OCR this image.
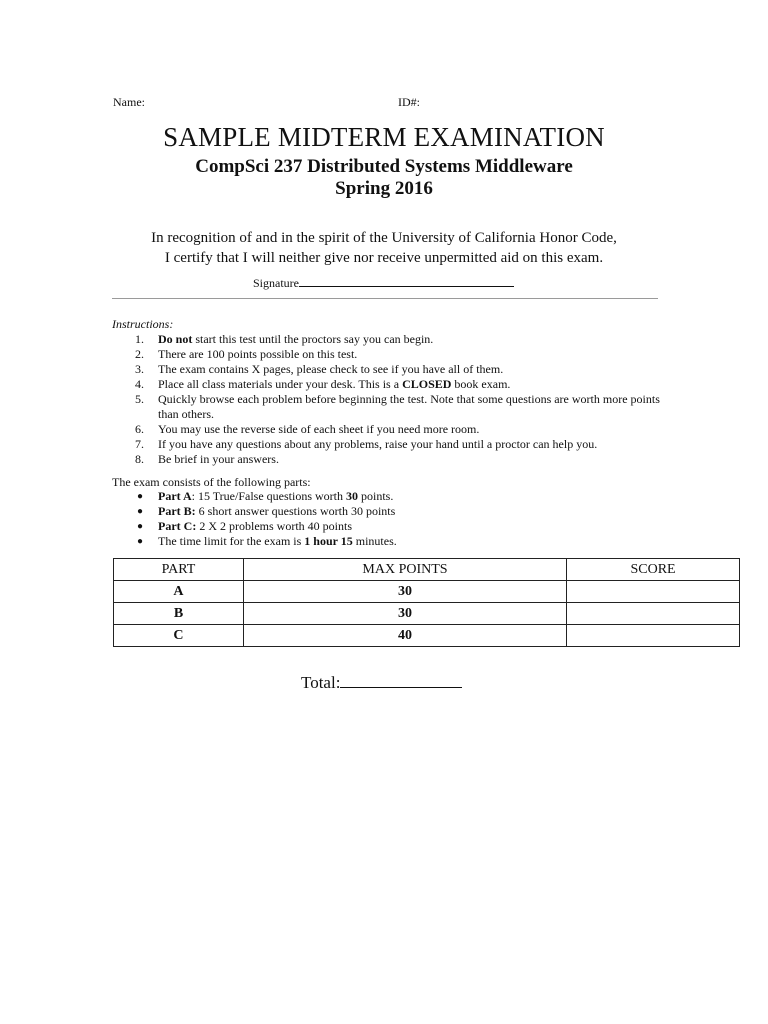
Name:	ID#:
SAMPLE MIDTERM EXAMINATION
CompSci 237 Distributed Systems Middleware
Spring 2016
In recognition of and in the spirit of the University of California Honor Code,
I certify that I will neither give nor receive unpermitted aid on this exam.
Signature
Instructions:
1. Do not start this test until the proctors say you can begin.
2. There are 100 points possible on this test.
3. The exam contains X pages, please check to see if you have all of them.
4. Place all class materials under your desk. This is a CLOSED book exam.
5. Quickly browse each problem before beginning the test. Note that some questions are worth more points than others.
6. You may use the reverse side of each sheet if you need more room.
7. If you have any questions about any problems, raise your hand until a proctor can help you.
8. Be brief in your answers.
The exam consists of the following parts:
● Part A: 15 True/False questions worth 30 points.
● Part B: 6 short answer questions worth 30 points
● Part C: 2 X 2 problems worth 40 points
● The time limit for the exam is 1 hour 15 minutes.
PART	MAX POINTS	SCORE
A	30	
B	30	
C	40	
Total:
